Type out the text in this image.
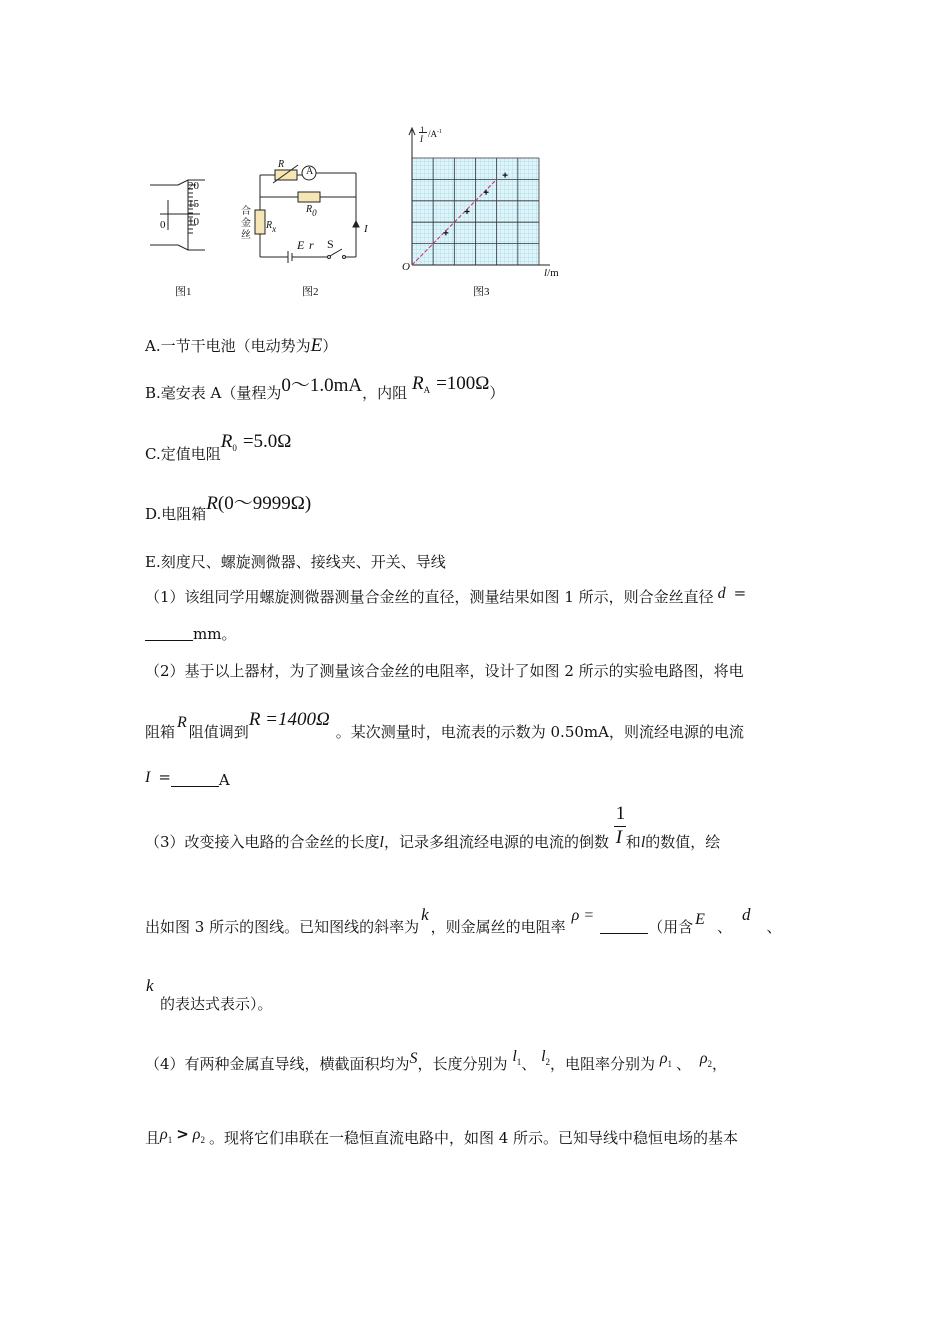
20
15
10
0
图1
R
A
R0
Rx
合
金
丝
E r S
I
图2
1
I $/A^{-1}$
O	l/m
图3
A.一节干电池（电动势为E）
B.毫安表 A（量程为0～1.0mA，内阻 $R^A =100\Omega$）
C.定值电阻$R^0 =5.0\Omega$
D.电阻箱R(0～9999Ω)
E.刻度尺、螺旋测微器、接线夹、开关、导线
（1）该组同学用螺旋测微器测量合金丝的直径，测量结果如图 1 所示，则合金丝直径 d =
mm。
（2）基于以上器材，为了测量该合金丝的电阻率，设计了如图 2 所示的实验电路图，将电
阻箱R阻值调到R =1400Ω。某次测量时，电流表的示数为 0.50mA，则流经电源的电流
I =	A
（3）改变接入电路的合金丝的长度l，记录多组流经电源的电流的倒数 $\frac{1}{I}$ 和l的数值，绘
出如图 3 所示的图线。已知图线的斜率为k，则金属丝的电阻率ρ =（用含 E 、d、
k
的表达式表示）。
（4）有两种金属直导线，横截面积均为S，长度分别为 $l^1$、 $l^2$，电阻率分别为 $\rho_1$ 、 $\rho_2$，
且$\rho_1 > \rho_2$ 。现将它们串联在一稳恒直流电路中，如图 4 所示。已知导线中稳恒电场的基本
